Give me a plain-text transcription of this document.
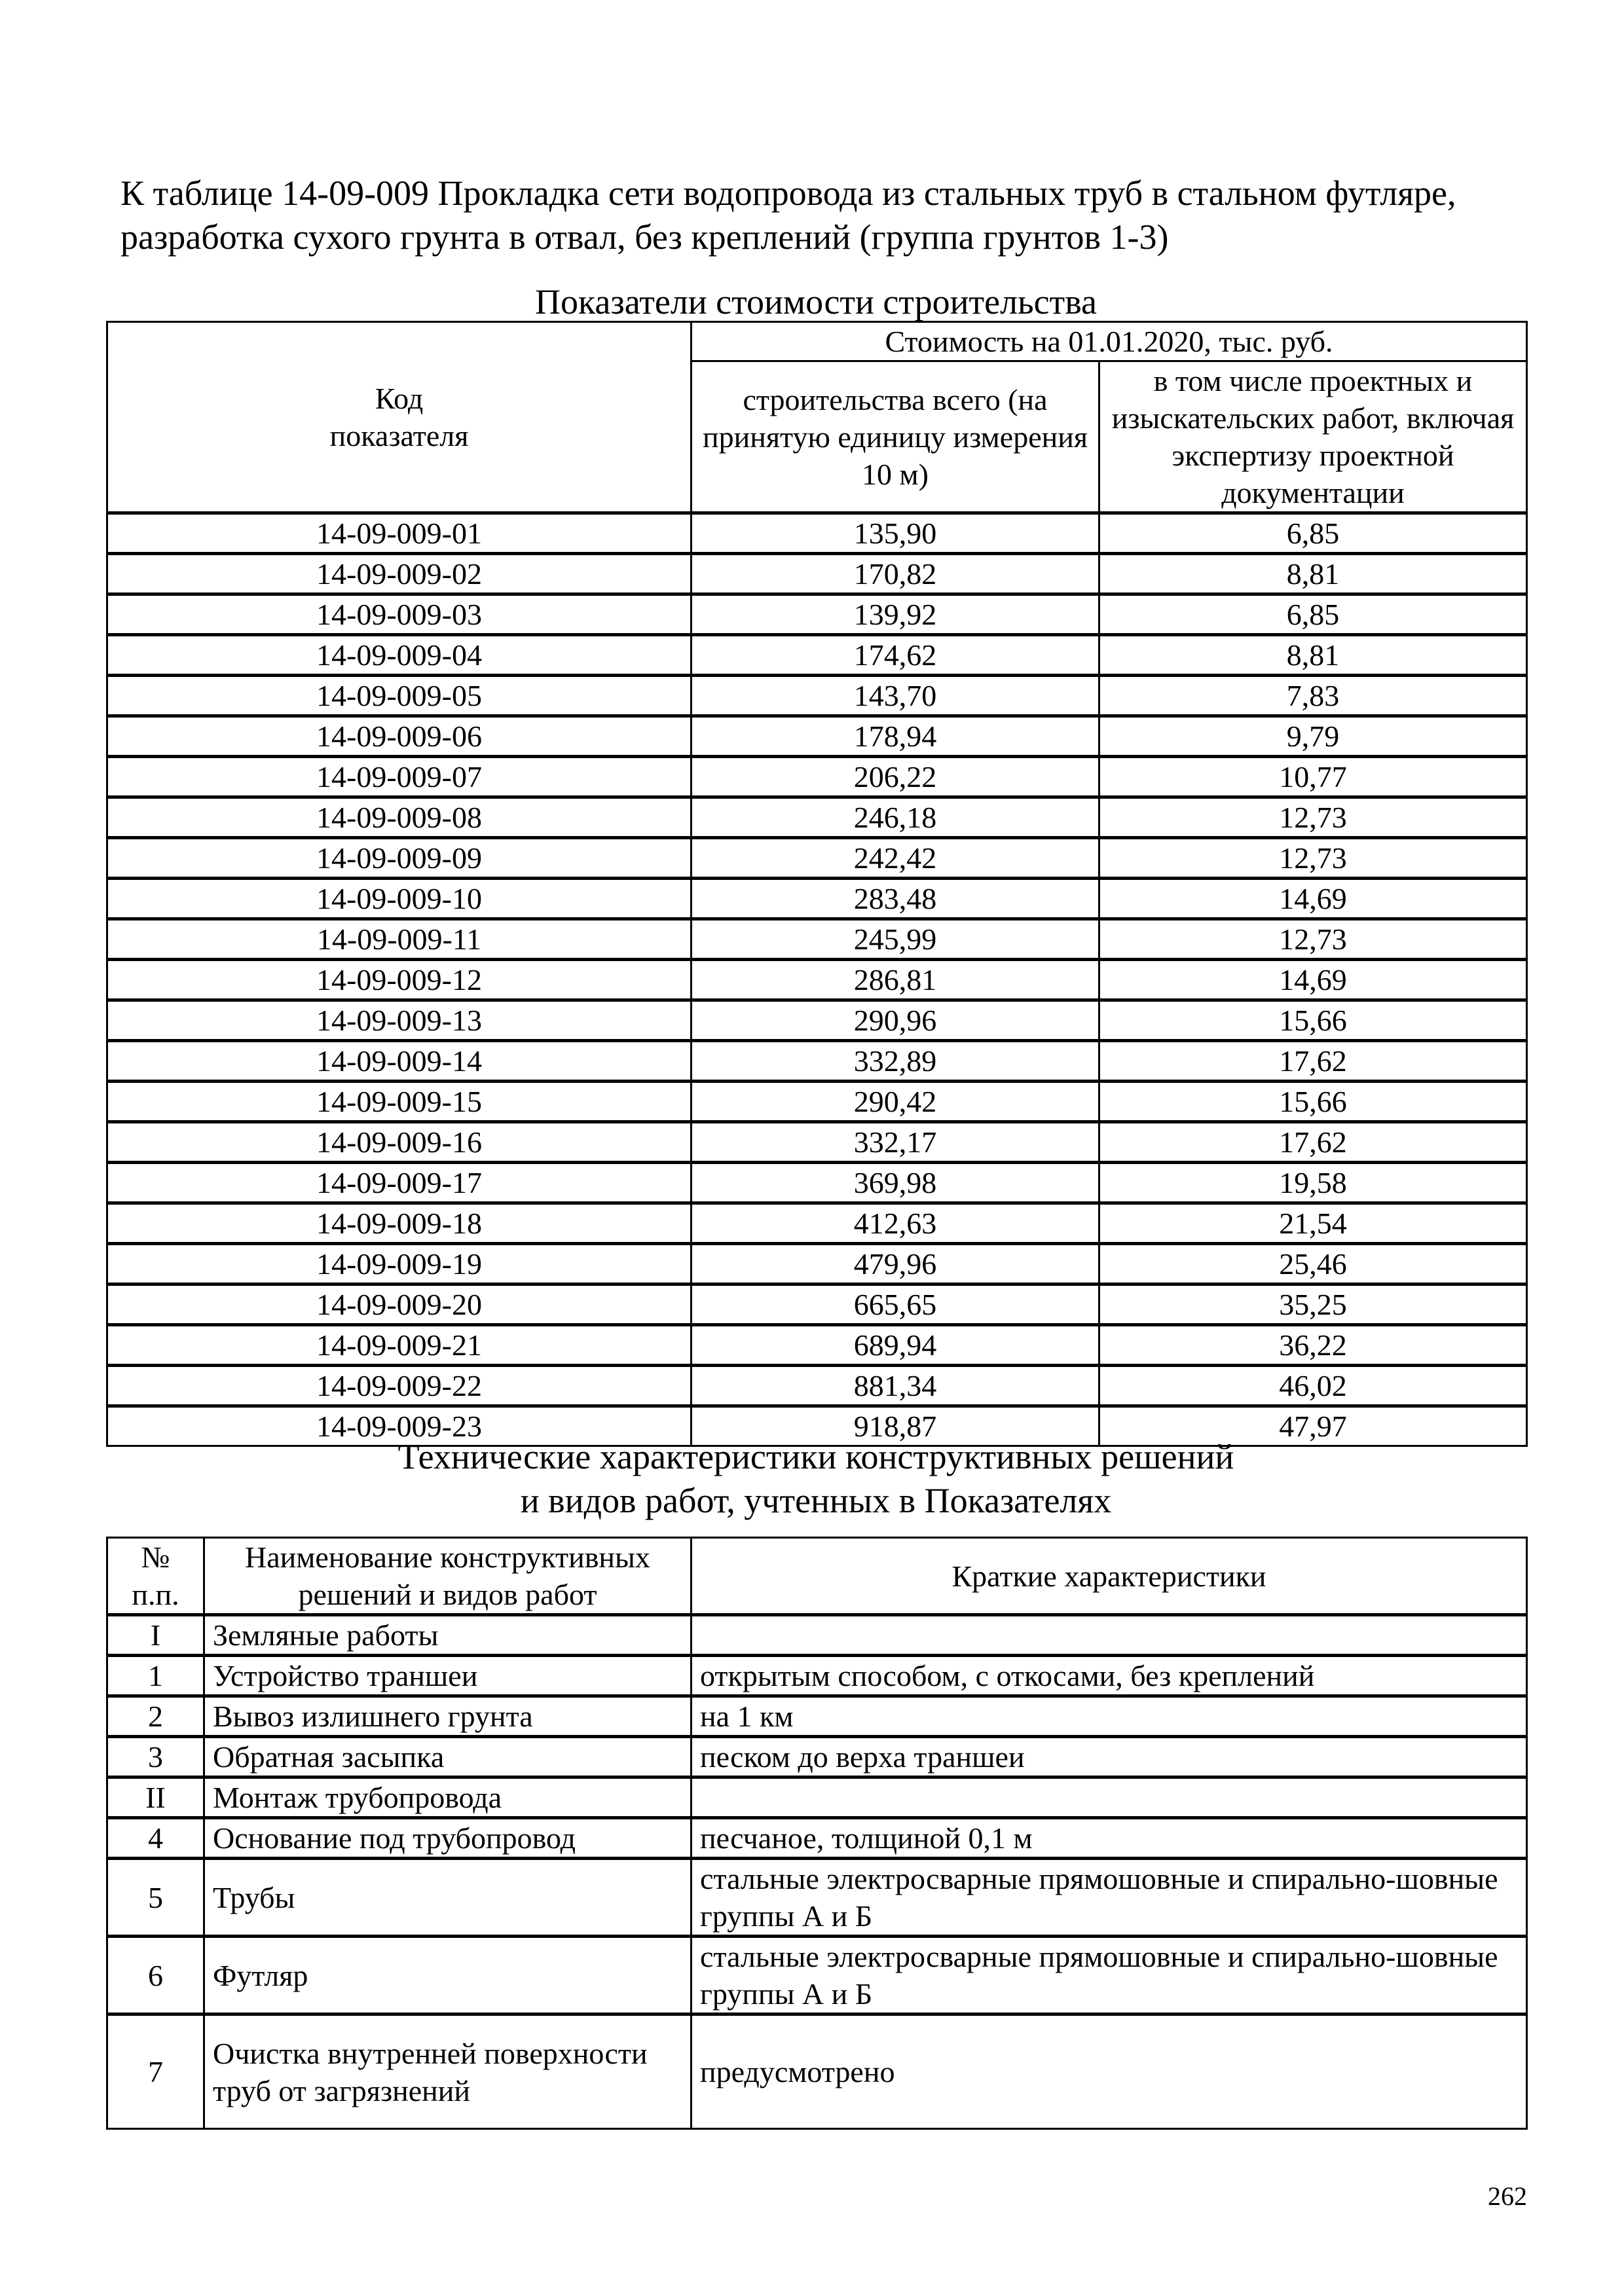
К таблице 14-09-009 Прокладка сети водопровода из стальных труб в стальном футляре, разработка сухого грунта в отвал, без креплений (группа грунтов 1-3)
Показатели стоимости строительства
Код показателя	Стоимость на 01.01.2020, тыс. руб.	
	строительства всего (на принятую единицу измерения 10 м)	в том числе проектных и изыскательских работ, включая экспертизу проектной документации
14-09-009-01	135,90	6,85
14-09-009-02	170,82	8,81
14-09-009-03	139,92	6,85
14-09-009-04	174,62	8,81
14-09-009-05	143,70	7,83
14-09-009-06	178,94	9,79
14-09-009-07	206,22	10,77
14-09-009-08	246,18	12,73
14-09-009-09	242,42	12,73
14-09-009-10	283,48	14,69
14-09-009-11	245,99	12,73
14-09-009-12	286,81	14,69
14-09-009-13	290,96	15,66
14-09-009-14	332,89	17,62
14-09-009-15	290,42	15,66
14-09-009-16	332,17	17,62
14-09-009-17	369,98	19,58
14-09-009-18	412,63	21,54
14-09-009-19	479,96	25,46
14-09-009-20	665,65	35,25
14-09-009-21	689,94	36,22
14-09-009-22	881,34	46,02
14-09-009-23	918,87	47,97
Технические характеристики конструктивных решений
и видов работ, учтенных в Показателях
№ п.п.	Наименование конструктивных решений и видов работ	Краткие характеристики
I	Земляные работы	
1	Устройство траншеи	открытым способом, с откосами, без креплений
2	Вывоз излишнего грунта	на 1 км
3	Обратная засыпка	песком до верха траншеи
II	Монтаж трубопровода	
4	Основание под трубопровод	песчаное, толщиной 0,1 м
5	Трубы	стальные электросварные прямошовные и спирально-шовные группы А и Б
6	Футляр	стальные электросварные прямошовные и спирально-шовные группы А и Б
7	Очистка внутренней поверхности труб от загрязнений	предусмотрено
262
